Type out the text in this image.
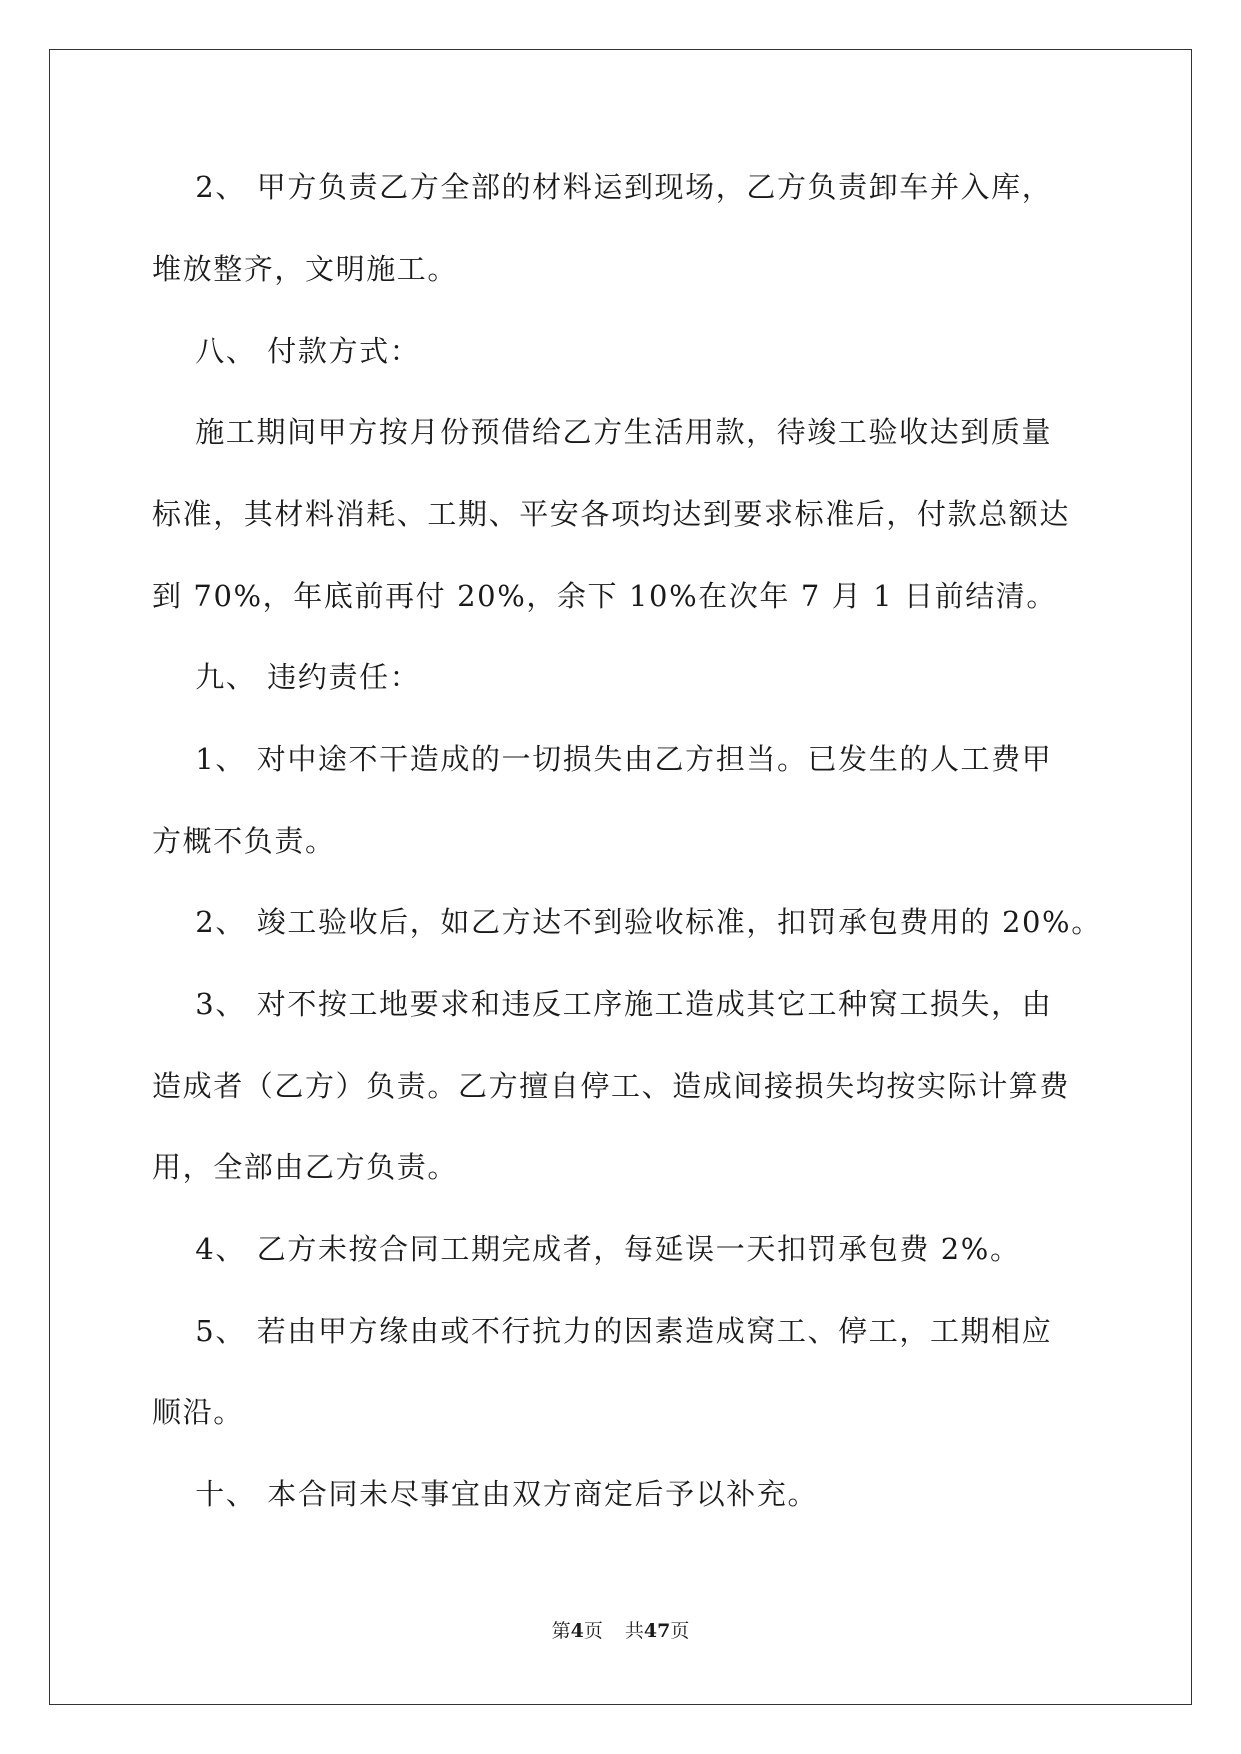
2、 甲方负责乙方全部的材料运到现场，乙方负责卸车并入库，
堆放整齐，文明施工。
八、 付款方式：
施工期间甲方按月份预借给乙方生活用款，待竣工验收达到质量
标准，其材料消耗、工期、平安各项均达到要求标准后，付款总额达
到 70%，年底前再付 20%，余下 10%在次年 7 月 1 日前结清。
九、 违约责任：
1、 对中途不干造成的一切损失由乙方担当。已发生的人工费甲
方概不负责。
2、 竣工验收后，如乙方达不到验收标准，扣罚承包费用的 20%。
3、 对不按工地要求和违反工序施工造成其它工种窝工损失，由
造成者（乙方）负责。乙方擅自停工、造成间接损失均按实际计算费
用，全部由乙方负责。
4、 乙方未按合同工期完成者，每延误一天扣罚承包费 2%。
5、 若由甲方缘由或不行抗力的因素造成窝工、停工，工期相应
顺沿。
十、 本合同未尽事宜由双方商定后予以补充。
第4页 共47页
